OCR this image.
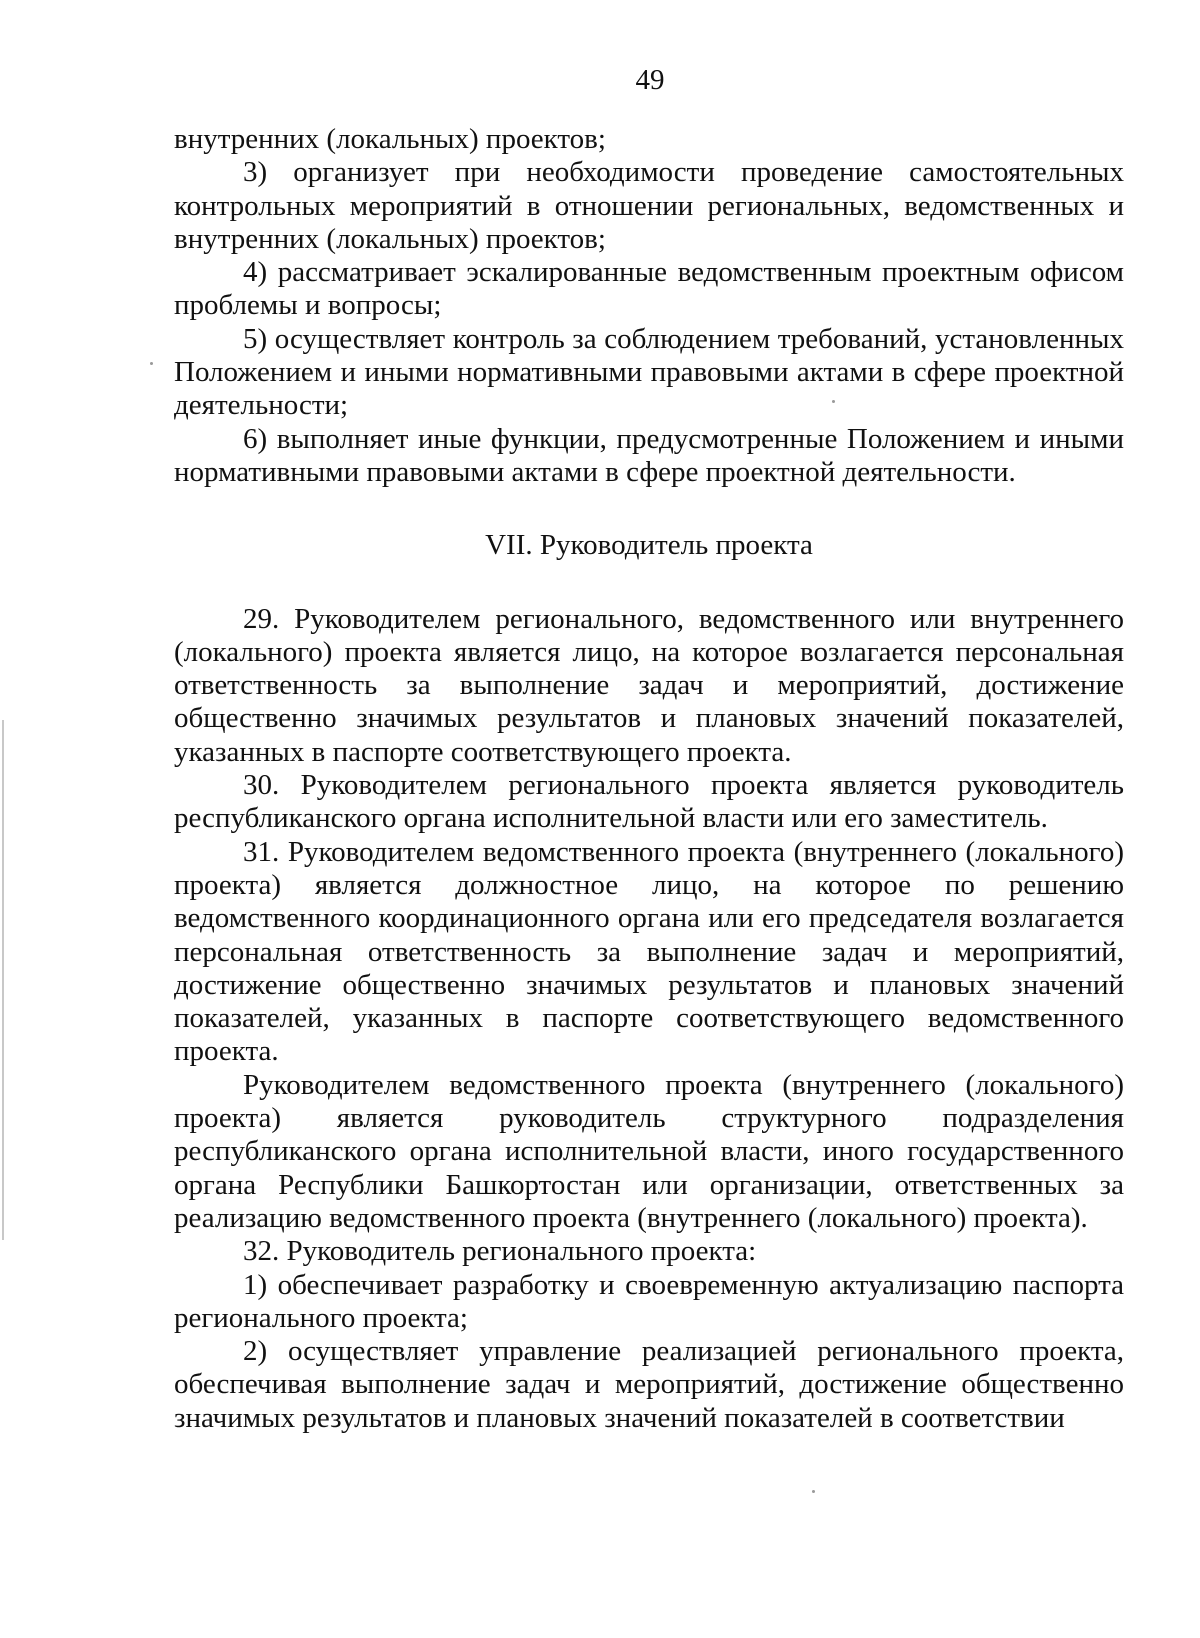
49

внутренних (локальных) проектов;

3) организует при необходимости проведение самостоятельных контрольных мероприятий в отношении региональных, ведомственных и внутренних (локальных) проектов;

4) рассматривает эскалированные ведомственным проектным офисом проблемы и вопросы;

5) осуществляет контроль за соблюдением требований, установленных Положением и иными нормативными правовыми актами в сфере проектной деятельности;

6) выполняет иные функции, предусмотренные Положением и иными нормативными правовыми актами в сфере проектной деятельности.

VII. Руководитель проекта

29. Руководителем регионального, ведомственного или внутреннего (локального) проекта является лицо, на которое возлагается персональная ответственность за выполнение задач и мероприятий, достижение общественно значимых результатов и плановых значений показателей, указанных в паспорте соответствующего проекта.

30. Руководителем регионального проекта является руководитель республиканского органа исполнительной власти или его заместитель.

31. Руководителем ведомственного проекта (внутреннего (локального) проекта) является должностное лицо, на которое по решению ведомственного координационного органа или его председателя возлагается персональная ответственность за выполнение задач и мероприятий, достижение общественно значимых результатов и плановых значений показателей, указанных в паспорте соответствующего ведомственного проекта.

Руководителем ведомственного проекта (внутреннего (локального) проекта) является руководитель структурного подразделения республиканского органа исполнительной власти, иного государственного органа Республики Башкортостан или организации, ответственных за реализацию ведомственного проекта (внутреннего (локального) проекта).

32. Руководитель регионального проекта:

1) обеспечивает разработку и своевременную актуализацию паспорта регионального проекта;

2) осуществляет управление реализацией регионального проекта, обеспечивая выполнение задач и мероприятий, достижение общественно значимых результатов и плановых значений показателей в соответствии
